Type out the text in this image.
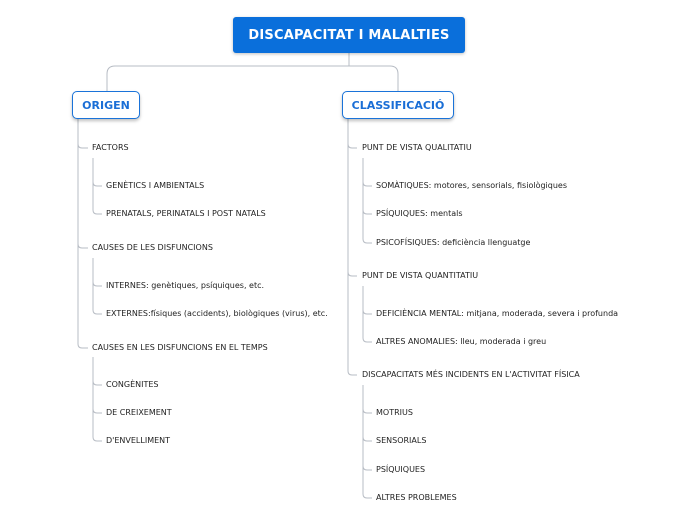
DISCAPACITAT I MALALTIES
ORIGEN	CLASSIFICACIÓ
FACTORS
GENÈTICS I AMBIENTALS
PRENATALS, PERINATALS I POST NATALS
CAUSES DE LES DISFUNCIONS
INTERNES: genètiques, psíquiques, etc.
EXTERNES:físiques (accidents), biològiques (virus), etc.
CAUSES EN LES DISFUNCIONS EN EL TEMPS
CONGÈNITES
DE CREIXEMENT
D'ENVELLIMENT
PUNT DE VISTA QUALITATIU
SOMÀTIQUES: motores, sensorials, fisiològiques
PSÍQUIQUES: mentals
PSICOFÍSIQUES: deficiència llenguatge
PUNT DE VISTA QUANTITATIU
DEFICIÈNCIA MENTAL: mitjana, moderada, severa i profunda
ALTRES ANOMALIES: lleu, moderada i greu
DISCAPACITATS MÉS INCIDENTS EN L'ACTIVITAT FÍSICA
MOTRIUS
SENSORIALS
PSÍQUIQUES
ALTRES PROBLEMES
